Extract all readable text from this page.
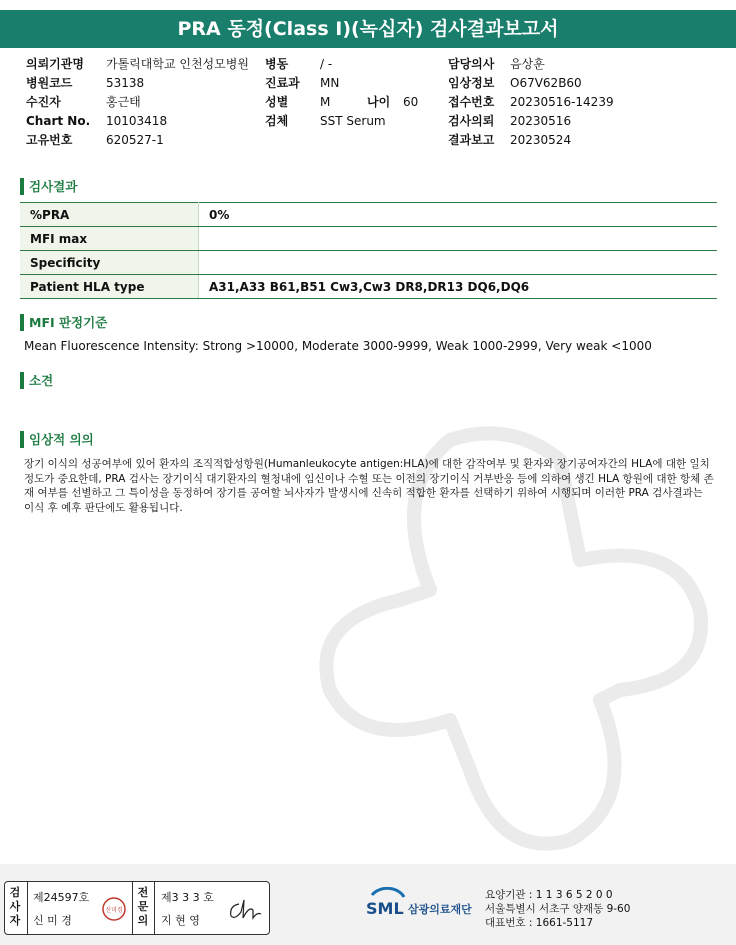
PRA 동정(Class I)(녹십자) 검사결과보고서
의뢰기관명 가톨릭대학교 인천성모병원
병원코드	53138
수진자	홍근태
Chart No. 10103418
고유번호	620527-1
병동	/ -
진료과 MN
성별	M	나이 60
검체	SST Serum
담당의사 음상훈
임상정보 O67V62B60
접수번호 20230516-14239
검사의뢰 20230516
결과보고 20230524
검사결과
%PRA	0%
MFI max	
Specificity	
Patient HLA type	A31,A33 B61,B51 Cw3,Cw3 DR8,DR13 DQ6,DQ6
MFI 판정기준
Mean Fluorescence Intensity: Strong >10000, Moderate 3000-9999, Weak 1000-2999, Very weak <1000
소견
임상적 의의
장기 이식의 성공여부에 있어 환자의 조직적합성항원(Humanleukocyte antigen:HLA)에 대한 감작여부 및 환자와 장기공여자간의 HLA에 대한 일치정도가 중요한데, PRA 검사는 장기이식 대기환자의 혈청내에 임신이나 수혈 또는 이전의 장기이식 거부반응 등에 의하여 생긴 HLA 항원에 대한 항체 존재 여부를 선별하고 그 특이성을 동정하여 장기를 공여할 뇌사자가 발생시에 신속히 적합한 환자를 선택하기 위하여 시행되며 이러한 PRA 검사결과는 이식 후 예후 판단에도 활용됩니다.
검사자
제24597호
신 미 경
신미경
전문의
제3 3 3 호
지 현 영
SML 삼광의료재단
요양기관 : 1 1 3 6 5 2 0 0
서울특별시 서초구 양재동 9-60
대표번호 : 1661-5117
